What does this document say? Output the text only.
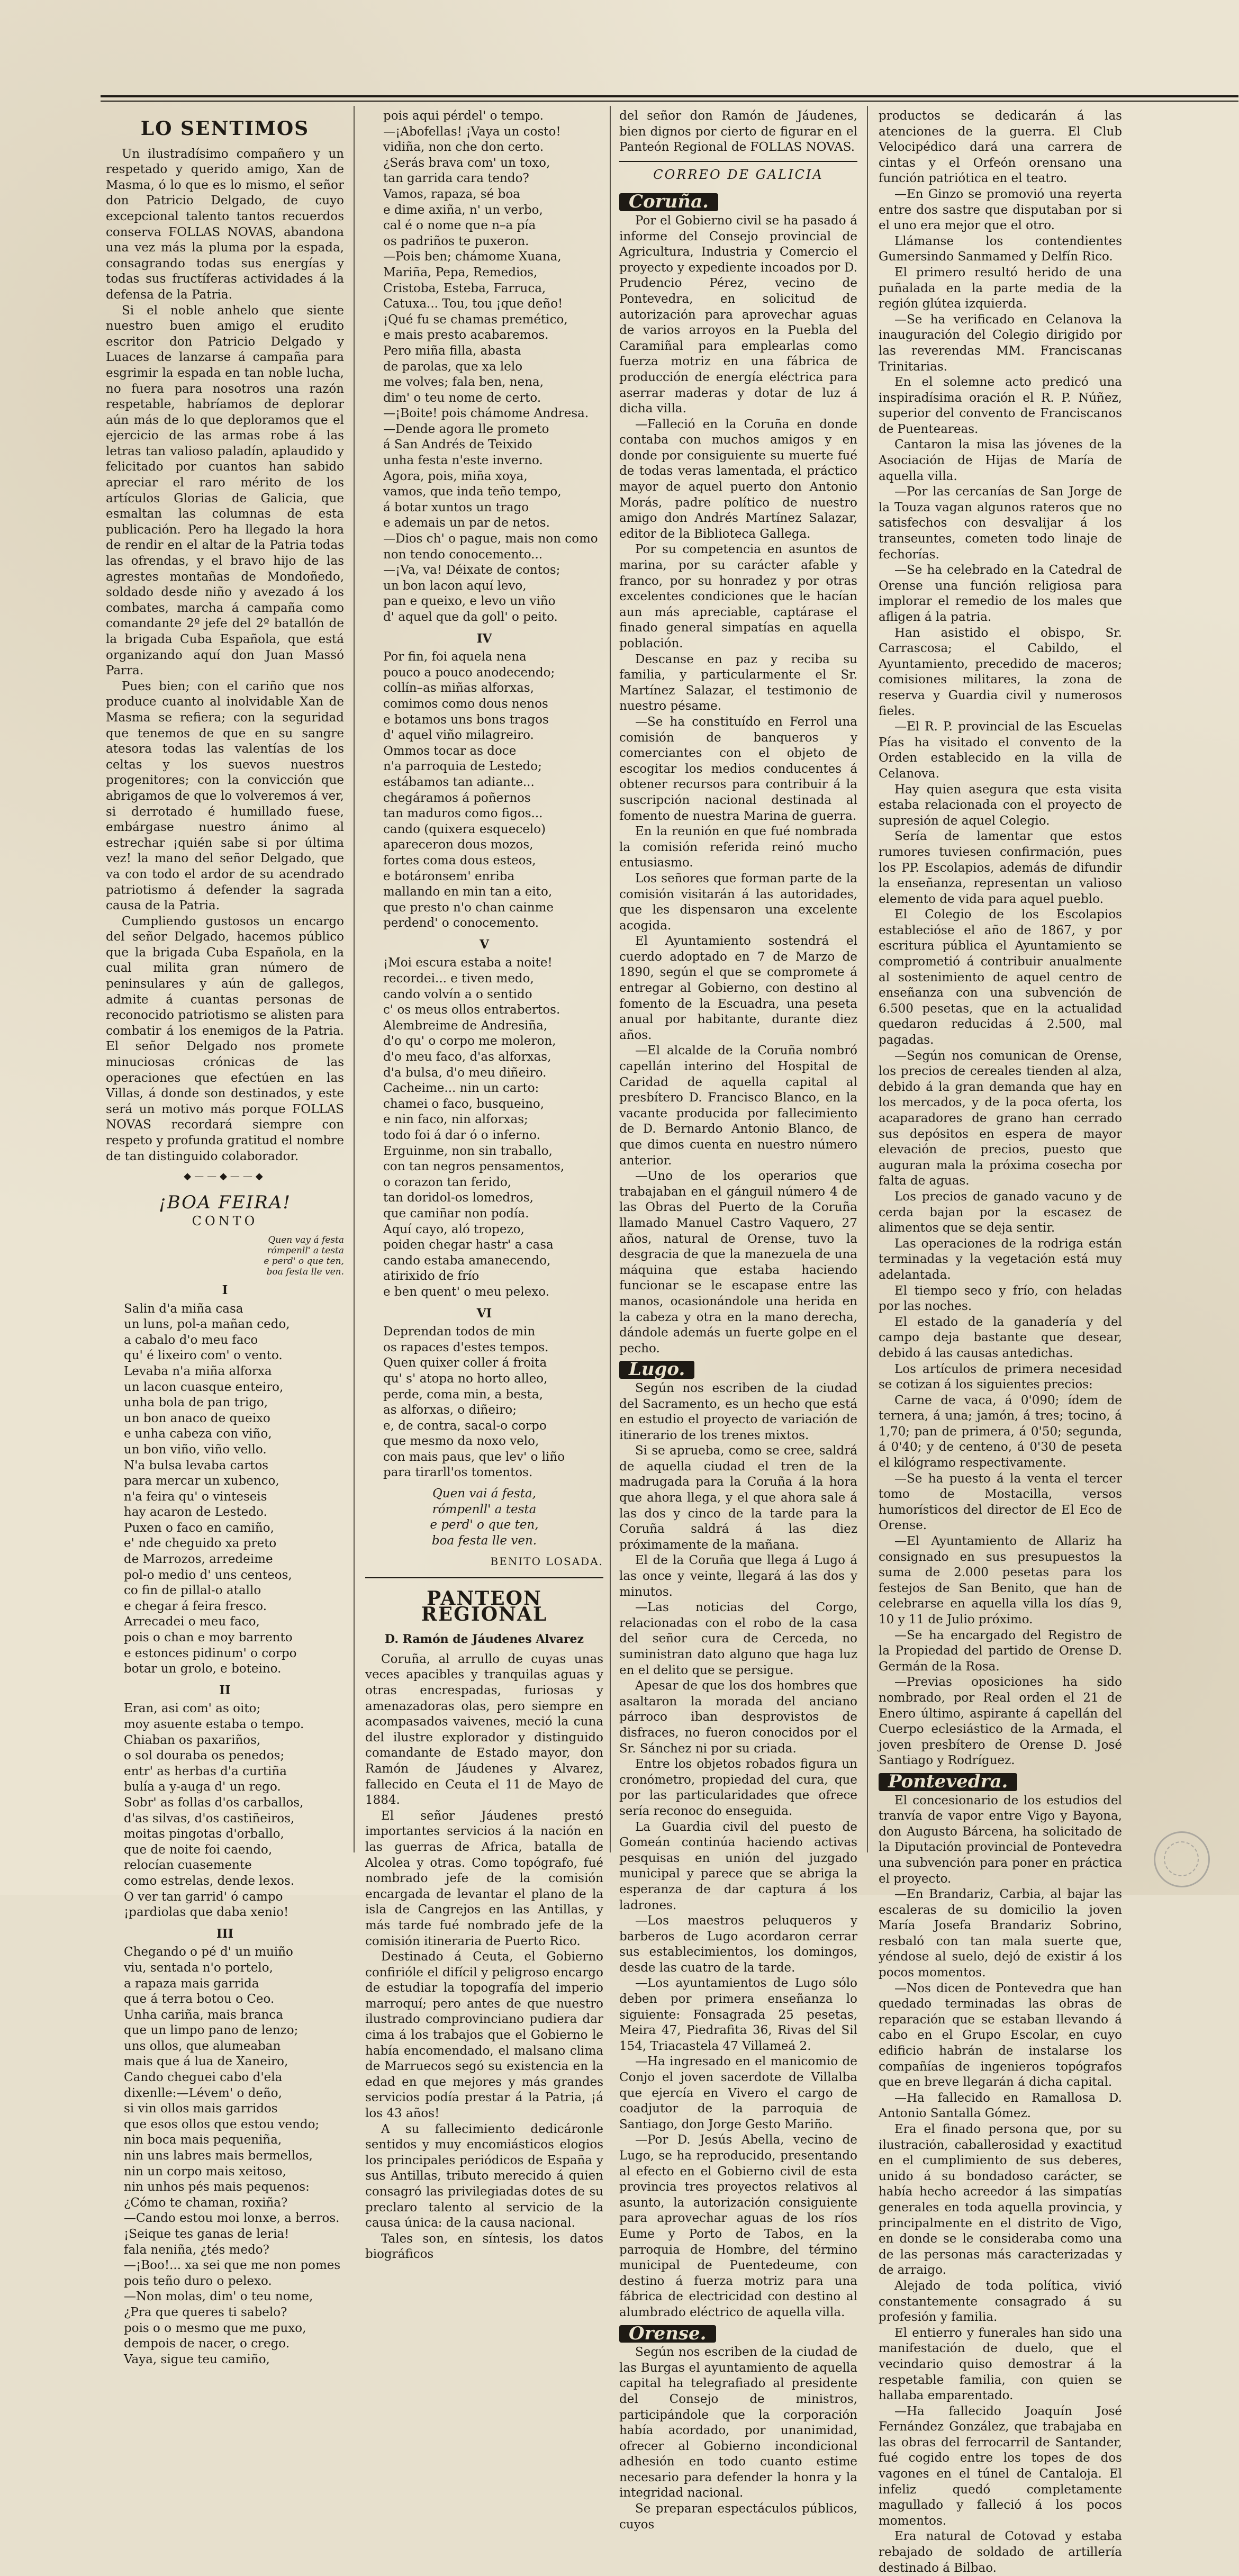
LO SENTIMOS

Un ilustradísimo compañero y un respetado y querido amigo, Xan de Masma, ó lo que es lo mismo, el señor don Patricio Delgado, de cuyo excepcional talento tantos recuerdos conserva FOLLAS NOVAS, abandona una vez más la pluma por la espada, consagrando todas sus energías y todas sus fructíferas actividades á la defensa de la Patria.

Si el noble anhelo que siente nuestro buen amigo el erudito escritor don Patricio Delgado y Luaces de lanzarse á campaña para esgrimir la espada en tan noble lucha, no fuera para nosotros una razón respetable, habríamos de deplorar aún más de lo que deploramos que el ejercicio de las armas robe á las letras tan valioso paladín, aplaudido y felicitado por cuantos han sabido apreciar el raro mérito de los artículos Glorias de Galicia, que esmaltan las columnas de esta publicación. Pero ha llegado la hora de rendir en el altar de la Patria todas las ofrendas, y el bravo hijo de las agrestes montañas de Mondoñedo, soldado desde niño y avezado á los combates, marcha á campaña como comandante 2º jefe del 2º batallón de la brigada Cuba Española, que está organizando aquí don Juan Massó Parra.

Pues bien; con el cariño que nos produce cuanto al inolvidable Xan de Masma se refiera; con la seguridad que tenemos de que en su sangre atesora todas las valentías de los celtas y los suevos nuestros progenitores; con la convicción que abrigamos de que lo volveremos á ver, si derrotado é humillado fuese, embárgase nuestro ánimo al estrechar ¡quién sabe si por última vez! la mano del señor Delgado, que va con todo el ardor de su acendrado patriotismo á defender la sagrada causa de la Patria.

Cumpliendo gustosos un encargo del señor Delgado, hacemos público que la brigada Cuba Española, en la cual milita gran número de peninsulares y aún de gallegos, admite á cuantas personas de reconocido patriotismo se alisten para combatir á los enemigos de la Patria. El señor Delgado nos promete minuciosas crónicas de las operaciones que efectúen en las Villas, á donde son destinados, y este será un motivo más porque FOLLAS NOVAS recordará siempre con respeto y profunda gratitud el nombre de tan distinguido colaborador.

◆——◆——◆
¡BOA FEIRA!
CONTO
Quen vay á festa
rómpenll' a testa
e perd' o que ten,
boa festa lle ven.
I
Salin d'a miña casa
un luns, pol-a mañan cedo,
a cabalo d'o meu faco
qu' é lixeiro com' o vento.
Levaba n'a miña alforxa
un lacon cuasque enteiro,
unha bola de pan trigo,
un bon anaco de queixo
e unha cabeza con viño,
un bon viño, viño vello.
N'a bulsa levaba cartos
para mercar un xubenco,
n'a feira qu' o vinteseis
hay acaron de Lestedo.
Puxen o faco en camiño,
e' nde cheguido xa preto
de Marrozos, arredeime
pol-o medio d' uns centeos,
co fin de pillal-o atallo
e chegar á feira fresco.
Arrecadei o meu faco,
pois o chan e moy barrento
e estonces pidinum' o corpo
botar un grolo, e boteino.
II
Eran, asi com' as oito;
moy asuente estaba o tempo.
Chiaban os paxariños,
o sol douraba os penedos;
entr' as herbas d'a curtiña
bulía a y-auga d' un rego.
Sobr' as follas d'os carballos,
d'as silvas, d'os castiñeiros,
moitas pingotas d'orballo,
que de noite foi caendo,
relocían cuasemente
como estrelas, dende lexos.
O ver tan garrid' ó campo
¡pardiolas que daba xenio!
III
Chegando o pé d' un muiño
viu, sentada n'o portelo,
a rapaza mais garrida
que á terra botou o Ceo.
Unha cariña, mais branca
que un limpo pano de lenzo;
uns ollos, que alumeaban
mais que á lua de Xaneiro,
Cando cheguei cabo d'ela
dixenlle:—Lévem' o deño,
si vin ollos mais garridos
que esos ollos que estou vendo;
nin boca mais pequeniña,
nin uns labres mais bermellos,
nin un corpo mais xeitoso,
nin unhos pés mais pequenos:
¿Cómo te chaman, roxiña?
—Cando estou moi lonxe, a berros.
¡Seique tes ganas de leria!
fala neniña, ¿tés medo?
—¡Boo!... xa sei que me non pomes
pois teño duro o pelexo.
—Non molas, dim' o teu nome,
¿Pra que queres ti sabelo?
pois o o mesmo que me puxo,
dempois de nacer, o crego.
Vaya, sigue teu camiño,
pois aqui pérdel' o tempo.
—¡Abofellas! ¡Vaya un costo!
vidiña, non che don certo.
¿Serás brava com' un toxo,
tan garrida cara tendo?
Vamos, rapaza, sé boa
e dime axiña, n' un verbo,
cal é o nome que n–a pía
os padriños te puxeron.
—Pois ben; chámome Xuana,
Mariña, Pepa, Remedios,
Cristoba, Esteba, Farruca,
Catuxa... Tou, tou ¡que deño!
¡Qué fu se chamas premético,
e mais presto acabaremos.
Pero miña filla, abasta
de parolas, que xa lelo
me volves; fala ben, nena,
dim' o teu nome de certo.
—¡Boite! pois chámome Andresa.
—Dende agora lle prometo
á San Andrés de Teixido
unha festa n'este inverno.
Agora, pois, miña xoya,
vamos, que inda teño tempo,
á botar xuntos un trago
e ademais un par de netos.
—Dios ch' o pague, mais non como
non tendo conocemento...
—¡Va, va! Déixate de contos;
un bon lacon aquí levo,
pan e queixo, e levo un viño
d' aquel que da goll' o peito.
IV
Por fin, foi aquela nena
pouco a pouco anodecendo;
collín–as miñas alforxas,
comimos como dous nenos
e botamos uns bons tragos
d' aquel viño milagreiro.
Ommos tocar as doce
n'a parroquia de Lestedo;
estábamos tan adiante...
chegáramos á poñernos
tan maduros como figos...
cando (quixera esquecelo)
apareceron dous mozos,
fortes coma dous esteos,
e botáronsem' enriba
mallando en min tan a eito,
que presto n'o chan cainme
perdend' o conocemento.
V
¡Moi escura estaba a noite!
recordei... e tiven medo,
cando volvín a o sentido
c' os meus ollos entrabertos.
Alembreime de Andresiña,
d'o qu' o corpo me moleron,
d'o meu faco, d'as alforxas,
d'a bulsa, d'o meu diñeiro.
Cacheime... nin un carto:
chamei o faco, busqueino,
e nin faco, nin alforxas;
todo foi á dar ó o inferno.
Erguinme, non sin traballo,
con tan negros pensamentos,
o corazon tan ferido,
tan doridol-os lomedros,
que camiñar non podía.
Aquí cayo, aló tropezo,
poiden chegar hastr' a casa
cando estaba amanecendo,
atirixido de frío
e ben quent' o meu pelexo.
VI
Deprendan todos de min
os rapaces d'estes tempos.
Quen quixer coller á froita
qu' s' atopa no horto alleo,
perde, coma min, a besta,
as alforxas, o diñeiro;
e, de contra, sacal-o corpo
que mesmo da noxo velo,
con mais paus, que lev' o liño
para tirarll'os tomentos.
Quen vai á festa,
rómpenll' a testa
e perd' o que ten,
boa festa lle ven.
BENITO LOSADA.
PANTEON REGIONAL
D. Ramón de Jáudenes Alvarez

Coruña, al arrullo de cuyas unas veces apacibles y tranquilas aguas y otras encrespadas, furiosas y amenazadoras olas, pero siempre en acompasados vaivenes, meció la cuna del ilustre explorador y distinguido comandante de Estado mayor, don Ramón de Jáudenes y Alvarez, fallecido en Ceuta el 11 de Mayo de 1884.

El señor Jáudenes prestó importantes servicios á la nación en las guerras de Africa, batalla de Alcolea y otras. Como topógrafo, fué nombrado jefe de la comisión encargada de levantar el plano de la isla de Cangrejos en las Antillas, y más tarde fué nombrado jefe de la comisión itineraria de Puerto Rico.

Destinado á Ceuta, el Gobierno confirióle el difícil y peligroso encargo de estudiar la topografía del imperio marroquí; pero antes de que nuestro ilustrado comprovinciano pudiera dar cima á los trabajos que el Gobierno le había encomendado, el malsano clima de Marruecos segó su existencia en la edad en que mejores y más grandes servicios podía prestar á la Patria, ¡á los 43 años!

A su fallecimiento dedicáronle sentidos y muy encomiásticos elogios los principales periódicos de España y sus Antillas, tributo merecido á quien consagró las privilegiadas dotes de su preclaro talento al servicio de la causa única: de la causa nacional.

Tales son, en síntesis, los datos biográficos

del señor don Ramón de Jáudenes, bien dignos por cierto de figurar en el Panteón Regional de FOLLAS NOVAS.

CORREO DE GALICIA
Coruña.

Por el Gobierno civil se ha pasado á informe del Consejo provincial de Agricultura, Industria y Comercio el proyecto y expediente incoados por D. Prudencio Pérez, vecino de Pontevedra, en solicitud de autorización para aprovechar aguas de varios arroyos en la Puebla del Caramiñal para emplearlas como fuerza motriz en una fábrica de producción de energía eléctrica para aserrar maderas y dotar de luz á dicha villa.

—Falleció en la Coruña en donde contaba con muchos amigos y en donde por consiguiente su muerte fué de todas veras lamentada, el práctico mayor de aquel puerto don Antonio Morás, padre político de nuestro amigo don Andrés Martínez Salazar, editor de la Biblioteca Gallega.

Por su competencia en asuntos de marina, por su carácter afable y franco, por su honradez y por otras excelentes condiciones que le hacían aun más apreciable, captárase el finado general simpatías en aquella población.

Descanse en paz y reciba su familia, y particularmente el Sr. Martínez Salazar, el testimonio de nuestro pésame.

—Se ha constituído en Ferrol una comisión de banqueros y comerciantes con el objeto de escogitar los medios conducentes á obtener recursos para contribuir á la suscripción nacional destinada al fomento de nuestra Marina de guerra.

En la reunión en que fué nombrada la comisión referida reinó mucho entusiasmo.

Los señores que forman parte de la comisión visitarán á las autoridades, que les dispensaron una excelente acogida.

El Ayuntamiento sostendrá el cuerdo adoptado en 7 de Marzo de 1890, según el que se compromete á entregar al Gobierno, con destino al fomento de la Escuadra, una peseta anual por habitante, durante diez años.

—El alcalde de la Coruña nombró capellán interino del Hospital de Caridad de aquella capital al presbítero D. Francisco Blanco, en la vacante producida por fallecimiento de D. Bernardo Antonio Blanco, de que dimos cuenta en nuestro número anterior.

—Uno de los operarios que trabajaban en el gánguil número 4 de las Obras del Puerto de la Coruña llamado Manuel Castro Vaquero, 27 años, natural de Orense, tuvo la desgracia de que la manezuela de una máquina que estaba haciendo funcionar se le escapase entre las manos, ocasionándole una herida en la cabeza y otra en la mano derecha, dándole además un fuerte golpe en el pecho.

Lugo.

Según nos escriben de la ciudad del Sacramento, es un hecho que está en estudio el proyecto de variación de itinerario de los trenes mixtos.

Si se aprueba, como se cree, saldrá de aquella ciudad el tren de la madrugada para la Coruña á la hora que ahora llega, y el que ahora sale á las dos y cinco de la tarde para la Coruña saldrá á las diez próximamente de la mañana.

El de la Coruña que llega á Lugo á las once y veinte, llegará á las dos y minutos.

—Las noticias del Corgo, relacionadas con el robo de la casa del señor cura de Cerceda, no suministran dato alguno que haga luz en el delito que se persigue.

Apesar de que los dos hombres que asaltaron la morada del anciano párroco iban desprovistos de disfraces, no fueron conocidos por el Sr. Sánchez ni por su criada.

Entre los objetos robados figura un cronómetro, propiedad del cura, que por las particularidades que ofrece sería reconoc do enseguida.

La Guardia civil del puesto de Gomeán continúa haciendo activas pesquisas en unión del juzgado municipal y parece que se abriga la esperanza de dar captura á los ladrones.

—Los maestros peluqueros y barberos de Lugo acordaron cerrar sus establecimientos, los domingos, desde las cuatro de la tarde.

—Los ayuntamientos de Lugo sólo deben por primera enseñanza lo siguiente: Fonsagrada 25 pesetas, Meira 47, Piedrafita 36, Rivas del Sil 154, Triacastela 47 Villameá 2.

—Ha ingresado en el manicomio de Conjo el joven sacerdote de Villalba que ejercía en Vivero el cargo de coadjutor de la parroquia de Santiago, don Jorge Gesto Mariño.

—Por D. Jesús Abella, vecino de Lugo, se ha reproducido, presentando al efecto en el Gobierno civil de esta provincia tres proyectos relativos al asunto, la autorización consiguiente para aprovechar aguas de los ríos Eume y Porto de Tabos, en la parroquia de Hombre, del término municipal de Puentedeume, con destino á fuerza motriz para una fábrica de electricidad con destino al alumbrado eléctrico de aquella villa.

Orense.

Según nos escriben de la ciudad de las Burgas el ayuntamiento de aquella capital ha telegrafiado al presidente del Consejo de ministros, participándole que la corporación había acordado, por unanimidad, ofrecer al Gobierno incondicional adhesión en todo cuanto estime necesario para defender la honra y la integridad nacional.

Se preparan espectáculos públicos, cuyos

productos se dedicarán á las atenciones de la guerra. El Club Velocipédico dará una carrera de cintas y el Orfeón orensano una función patriótica en el teatro.

—En Ginzo se promovió una reyerta entre dos sastre que disputaban por si el uno era mejor que el otro.

Llámanse los contendientes Gumersindo Sanmamed y Delfín Rico.

El primero resultó herido de una puñalada en la parte media de la región glútea izquierda.

—Se ha verificado en Celanova la inauguración del Colegio dirigido por las reverendas MM. Franciscanas Trinitarias.

En el solemne acto predicó una inspiradísima oración el R. P. Núñez, superior del convento de Franciscanos de Puenteareas.

Cantaron la misa las jóvenes de la Asociación de Hijas de María de aquella villa.

—Por las cercanías de San Jorge de la Touza vagan algunos rateros que no satisfechos con desvalijar á los transeuntes, cometen todo linaje de fechorías.

—Se ha celebrado en la Catedral de Orense una función religiosa para implorar el remedio de los males que afligen á la patria.

Han asistido el obispo, Sr. Carrascosa; el Cabildo, el Ayuntamiento, precedido de maceros; comisiones militares, la zona de reserva y Guardia civil y numerosos fieles.

—El R. P. provincial de las Escuelas Pías ha visitado el convento de la Orden establecido en la villa de Celanova.

Hay quien asegura que esta visita estaba relacionada con el proyecto de supresión de aquel Colegio.

Sería de lamentar que estos rumores tuviesen confirmación, pues los PP. Escolapios, además de difundir la enseñanza, representan un valioso elemento de vida para aquel pueblo.

El Colegio de los Escolapios establecióse el año de 1867, y por escritura pública el Ayuntamiento se comprometió á contribuir anualmente al sostenimiento de aquel centro de enseñanza con una subvención de 6.500 pesetas, que en la actualidad quedaron reducidas á 2.500, mal pagadas.

—Según nos comunican de Orense, los precios de cereales tienden al alza, debido á la gran demanda que hay en los mercados, y de la poca oferta, los acaparadores de grano han cerrado sus depósitos en espera de mayor elevación de precios, puesto que auguran mala la próxima cosecha por falta de aguas.

Los precios de ganado vacuno y de cerda bajan por la escasez de alimentos que se deja sentir.

Las operaciones de la rodriga están terminadas y la vegetación está muy adelantada.

El tiempo seco y frío, con heladas por las noches.

El estado de la ganadería y del campo deja bastante que desear, debido á las causas antedichas.

Los artículos de primera necesidad se cotizan á los siguientes precios:

Carne de vaca, á 0'090; ídem de ternera, á una; jamón, á tres; tocino, á 1,70; pan de primera, á 0'50; segunda, á 0'40; y de centeno, á 0'30 de peseta el kilógramo respectivamente.

—Se ha puesto á la venta el tercer tomo de Mostacilla, versos humorísticos del director de El Eco de Orense.

—El Ayuntamiento de Allariz ha consignado en sus presupuestos la suma de 2.000 pesetas para los festejos de San Benito, que han de celebrarse en aquella villa los días 9, 10 y 11 de Julio próximo.

—Se ha encargado del Registro de la Propiedad del partido de Orense D. Germán de la Rosa.

—Previas oposiciones ha sido nombrado, por Real orden el 21 de Enero último, aspirante á capellán del Cuerpo eclesiástico de la Armada, el joven presbítero de Orense D. José Santiago y Rodríguez.

Pontevedra.

El concesionario de los estudios del tranvía de vapor entre Vigo y Bayona, don Augusto Bárcena, ha solicitado de la Diputación provincial de Pontevedra una subvención para poner en práctica el proyecto.

—En Brandariz, Carbia, al bajar las escaleras de su domicilio la joven María Josefa Brandariz Sobrino, resbaló con tan mala suerte que, yéndose al suelo, dejó de existir á los pocos momentos.

—Nos dicen de Pontevedra que han quedado terminadas las obras de reparación que se estaban llevando á cabo en el Grupo Escolar, en cuyo edificio habrán de instalarse los compañías de ingenieros topógrafos que en breve llegarán á dicha capital.

—Ha fallecido en Ramallosa D. Antonio Santalla Gómez.

Era el finado persona que, por su ilustración, caballerosidad y exactitud en el cumplimiento de sus deberes, unido á su bondadoso carácter, se había hecho acreedor á las simpatías generales en toda aquella provincia, y principalmente en el distrito de Vigo, en donde se le consideraba como una de las personas más caracterizadas y de arraigo.

Alejado de toda política, vivió constantemente consagrado á su profesión y familia.

El entierro y funerales han sido una manifestación de duelo, que el vecindario quiso demostrar á la respetable familia, con quien se hallaba emparentado.

—Ha fallecido Joaquín José Fernández González, que trabajaba en las obras del ferrocarril de Santander, fué cogido entre los topes de dos vagones en el túnel de Cantaloja. El infeliz quedó completamente magullado y falleció á los pocos momentos.

Era natural de Cotovad y estaba rebajado de soldado de artillería destinado á Bilbao.
